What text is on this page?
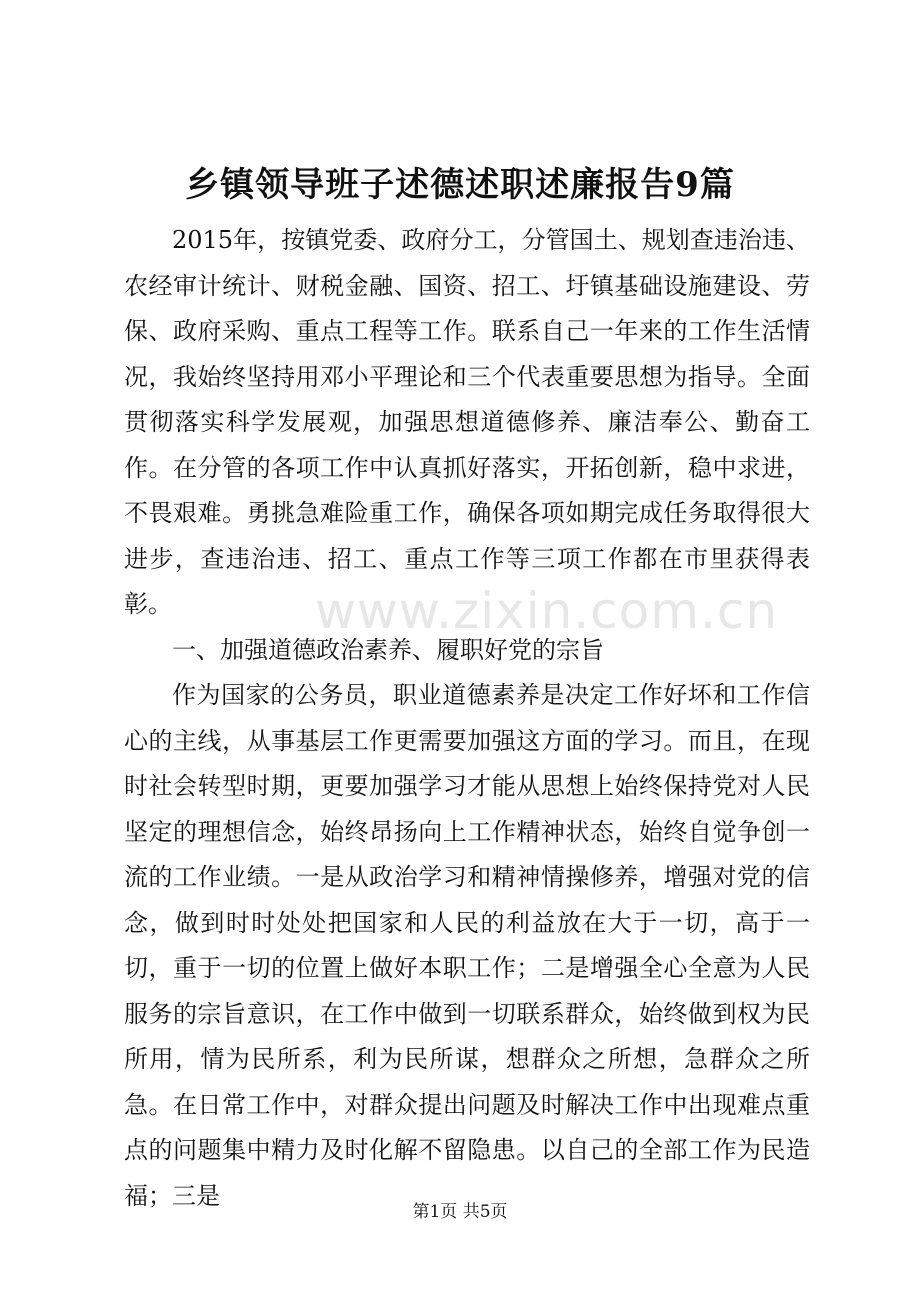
乡镇领导班子述德述职述廉报告9篇

2015年，按镇党委、政府分工，分管国土、规划查违治违、农经审计统计、财税金融、国资、招工、圩镇基础设施建设、劳保、政府采购、重点工程等工作。联系自己一年来的工作生活情况，我始终坚持用邓小平理论和三个代表重要思想为指导。全面贯彻落实科学发展观，加强思想道德修养、廉洁奉公、勤奋工作。在分管的各项工作中认真抓好落实，开拓创新，稳中求进，不畏艰难。勇挑急难险重工作，确保各项如期完成任务取得很大进步，查违治违、招工、重点工作等三项工作都在市里获得表彰。

一、加强道德政治素养、履职好党的宗旨

作为国家的公务员，职业道德素养是决定工作好坏和工作信心的主线，从事基层工作更需要加强这方面的学习。而且，在现时社会转型时期，更要加强学习才能从思想上始终保持党对人民坚定的理想信念，始终昂扬向上工作精神状态，始终自觉争创一流的工作业绩。一是从政治学习和精神情操修养，增强对党的信念，做到时时处处把国家和人民的利益放在大于一切，高于一切，重于一切的位置上做好本职工作；二是增强全心全意为人民服务的宗旨意识，在工作中做到一切联系群众，始终做到权为民所用，情为民所系，利为民所谋，想群众之所想，急群众之所急。在日常工作中，对群众提出问题及时解决工作中出现难点重点的问题集中精力及时化解不留隐患。以自己的全部工作为民造福；三是

www.zixin.com.cn
第1页 共5页
